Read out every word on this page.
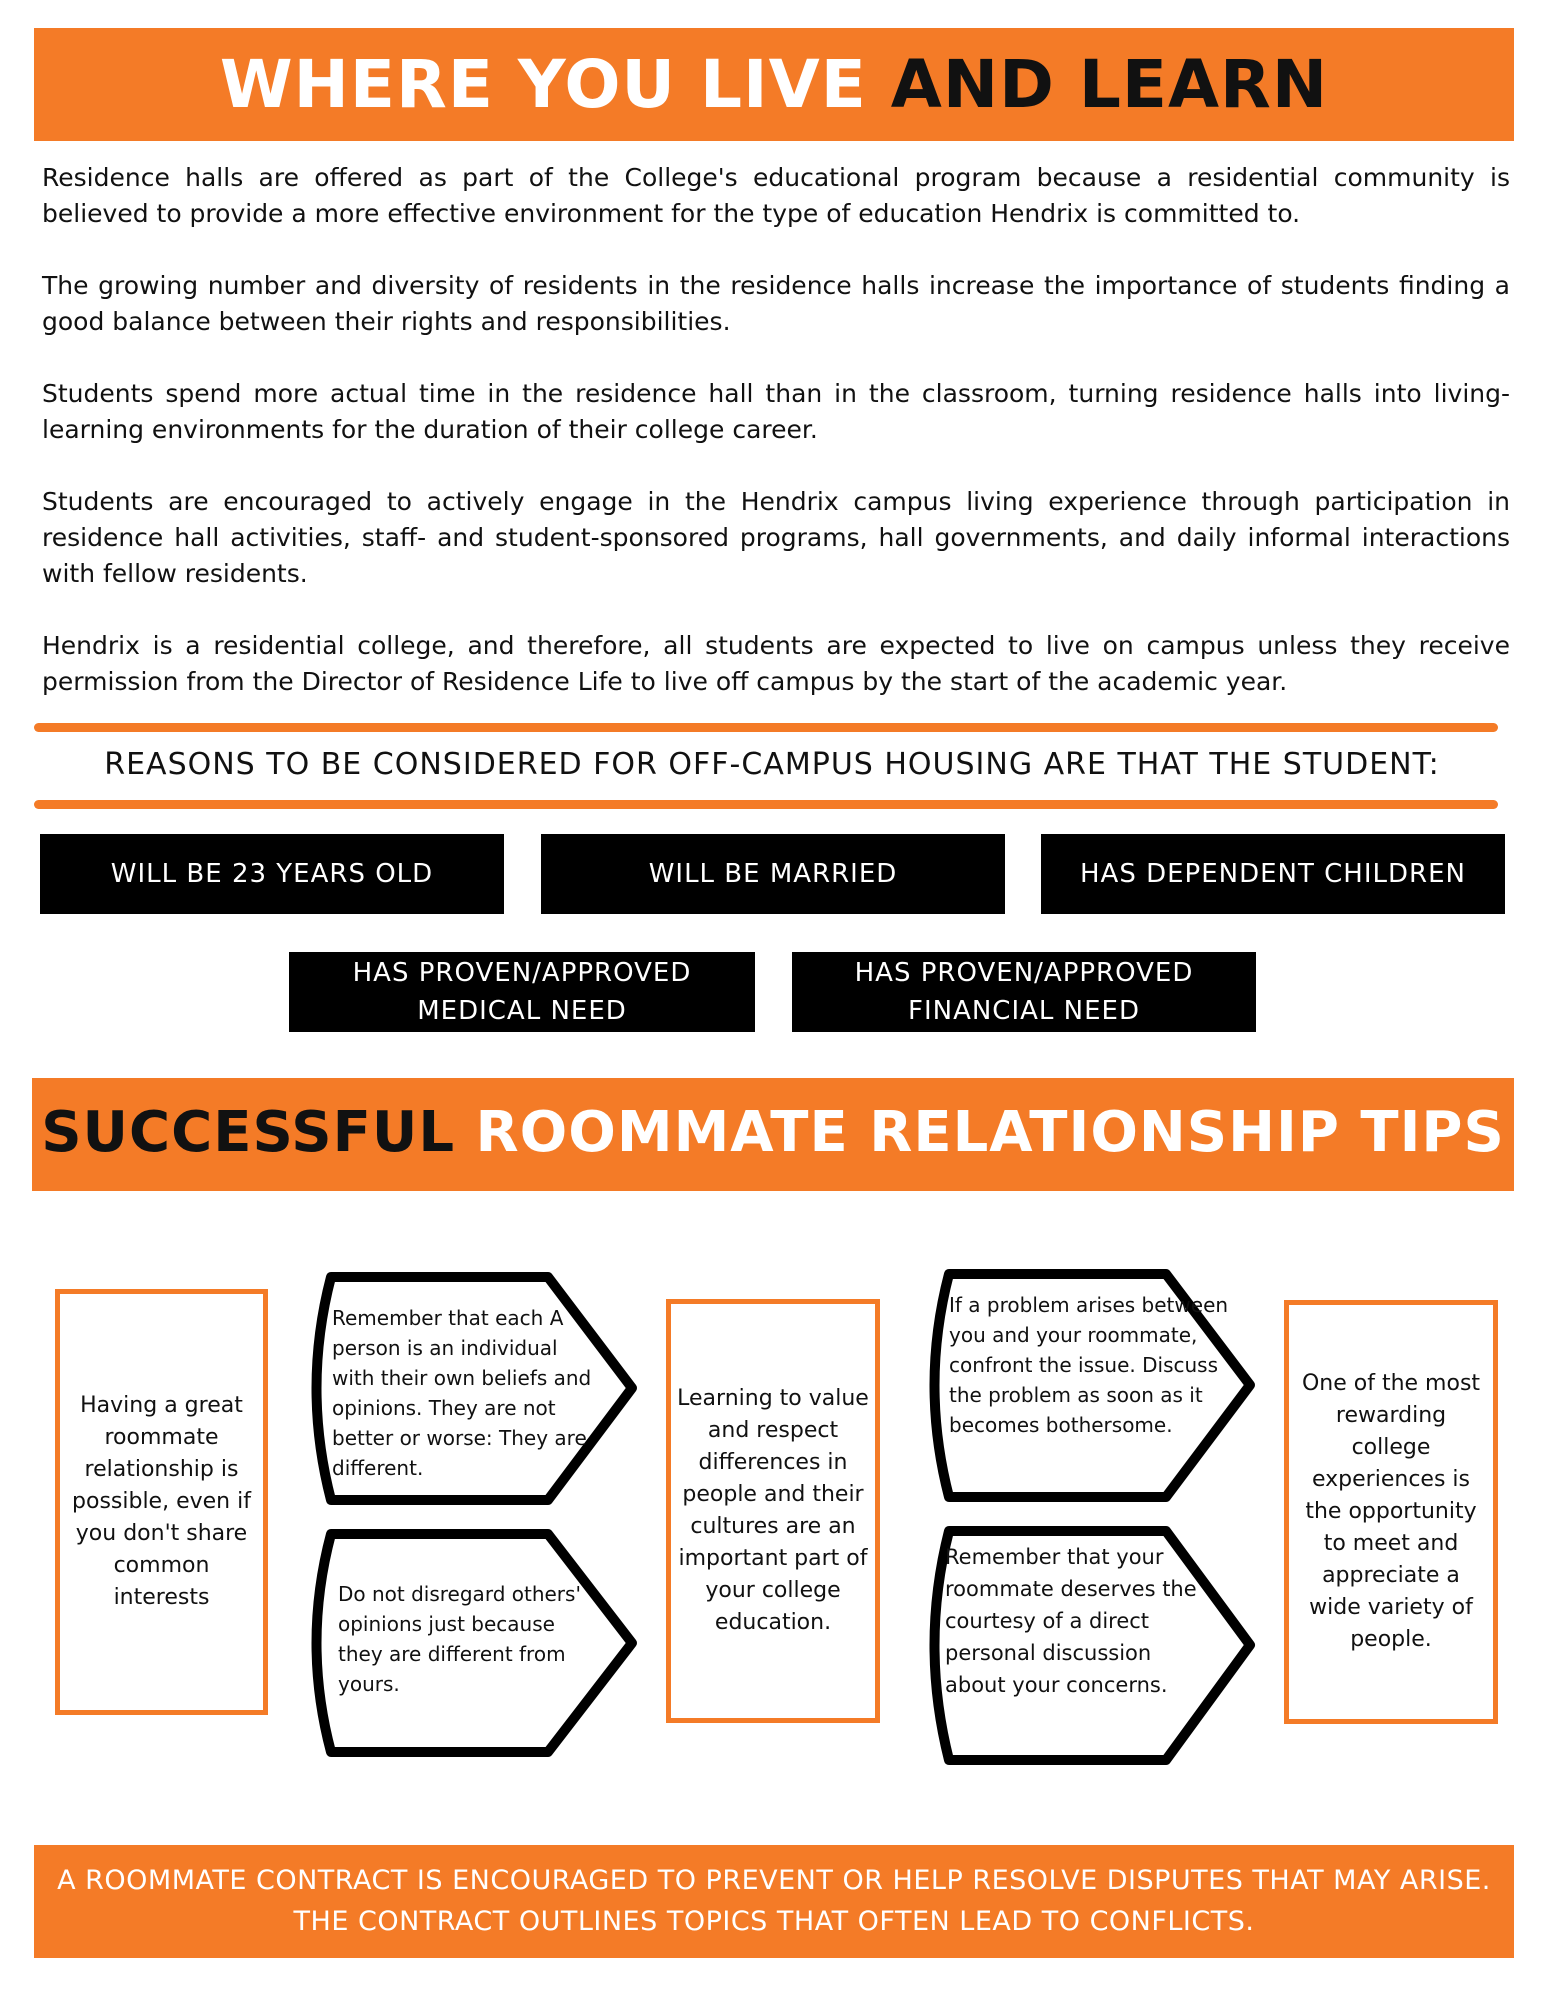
WHERE YOU LIVE AND LEARN

Residence halls are offered as part of the College's educational program because a residential community is believed to provide a more effective environment for the type of education Hendrix is committed to.

The growing number and diversity of residents in the residence halls increase the importance of students finding a good balance between their rights and responsibilities.

Students spend more actual time in the residence hall than in the classroom, turning residence halls into living-learning environments for the duration of their college career.

Students are encouraged to actively engage in the Hendrix campus living experience through participation in residence hall activities, staff- and student-sponsored programs, hall governments, and daily informal interactions with fellow residents.

Hendrix is a residential college, and therefore, all students are expected to live on campus unless they receive permission from the Director of Residence Life to live off campus by the start of the academic year.

REASONS TO BE CONSIDERED FOR OFF-CAMPUS HOUSING ARE THAT THE STUDENT:
WILL BE 23 YEARS OLD	WILL BE MARRIED	HAS DEPENDENT CHILDREN
HAS PROVEN/APPROVED MEDICAL NEED
HAS PROVEN/APPROVED FINANCIAL NEED
SUCCESSFUL ROOMMATE RELATIONSHIP TIPS
Having a great roommate relationship is possible, even if you don't share common interests
Remember that each A person is an individual with their own beliefs and opinions. They are not better or worse: They are different.
Do not disregard others' opinions just because they are different from yours.
Learning to value and respect differences in people and their cultures are an important part of your college education.
If a problem arises between you and your roommate, confront the issue. Discuss the problem as soon as it becomes bothersome.
Remember that your roommate deserves the courtesy of a direct personal discussion about your concerns.
One of the most rewarding college experiences is the opportunity to meet and appreciate a wide variety of people.
A ROOMMATE CONTRACT IS ENCOURAGED TO PREVENT OR HELP RESOLVE DISPUTES THAT MAY ARISE.
THE CONTRACT OUTLINES TOPICS THAT OFTEN LEAD TO CONFLICTS.
